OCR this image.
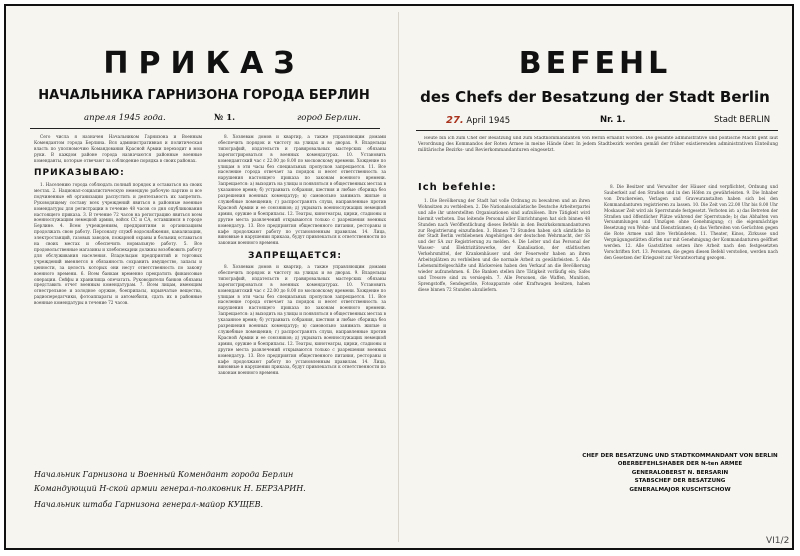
ПРИКАЗ
НАЧАЛЬНИКА ГАРНИЗОНА ГОРОДА БЕРЛИН
апреля 1945 года.	№ 1.	город Берлин.

Сего числа я назначен Начальником Гарнизона и Военным Комендантом города Берлина. Вся административная и политическая власть по уполномочию Командования Красной Армии переходит в мои руки. В каждом районе города назначаются районные военные коменданты, которые отвечают за соблюдение порядка в своих районах.

ПРИКАЗЫВАЮ:

1. Населению города соблюдать полный порядок и оставаться на своих местах. 2. Национал-социалистическую немецкую рабочую партию и все подчиненные ей организации распустить и деятельность их запретить. Руководящему составу всех учреждений явиться в районные военные комендатуры для регистрации в течение 48 часов со дня опубликования настоящего приказа. 3. В течение 72 часов на регистрацию явиться всем военнослужащим немецкой армии, войск СС и СА, оставшимся в городе Берлине. 4. Всем учреждениям, предприятиям и организациям продолжать свою работу. Персоналу служб водоснабжения, канализации, электростанций, газовых заводов, пожарной охраны и больниц оставаться на своих местах и обеспечить нормальную работу. 5. Все продовольственные магазины и хлебопекарни должны возобновить работу для обслуживания населения. Владельцам предприятий и торговых учреждений вменяется в обязанность сохранить имущество, запасы и ценности, за целость которых они несут ответственность по закону военного времени. 6. Всем банкам временно прекратить финансовые операции. Сейфы и хранилища опечатать. Руководители банков обязаны представить отчет военным комендатурам. 7. Всем лицам, имеющим огнестрельное и холодное оружие, боеприпасы, взрывчатые вещества, радиопередатчики, фотоаппараты и автомобили, сдать их в районные военные комендатуры в течение 72 часов.

8. Хозяевам домов и квартир, а также управляющим домами обеспечить порядок и чистоту на улицах и во дворах. 9. Владельцы типографий, издательств и гравировальных мастерских обязаны зарегистрироваться в военных комендатурах. 10. Установить комендантский час с 22.00 до 8.00 по московскому времени. Хождение по улицам в эти часы без специальных пропусков запрещается. 11. Все население города отвечает за порядок и несет ответственность за нарушения настоящего приказа по законам военного времени. Запрещается: а) выходить на улицы и появляться в общественных местах в указанное время; б) устраивать собрания, шествия и любые сборища без разрешения военных комендатур; в) самовольно занимать жилые и служебные помещения; г) распространять слухи, направленные против Красной Армии и ее союзников; д) укрывать военнослужащих немецкой армии, оружие и боеприпасы. 12. Театры, кинотеатры, цирки, стадионы и другие места развлечений открываются только с разрешения военных комендатур. 13. Все предприятия общественного питания, рестораны и кафе продолжают работу по установленным правилам. 14. Лица, виновные в нарушении приказа, будут привлекаться к ответственности по законам военного времени.

ЗАПРЕЩАЕТСЯ:

8. Хозяевам домов и квартир, а также управляющим домами обеспечить порядок и чистоту на улицах и во дворах. 9. Владельцы типографий, издательств и гравировальных мастерских обязаны зарегистрироваться в военных комендатурах. 10. Установить комендантский час с 22.00 до 8.00 по московскому времени. Хождение по улицам в эти часы без специальных пропусков запрещается. 11. Все население города отвечает за порядок и несет ответственность за нарушения настоящего приказа по законам военного времени. Запрещается: а) выходить на улицы и появляться в общественных местах в указанное время; б) устраивать собрания, шествия и любые сборища без разрешения военных комендатур; в) самовольно занимать жилые и служебные помещения; г) распространять слухи, направленные против Красной Армии и ее союзников; д) укрывать военнослужащих немецкой армии, оружие и боеприпасы. 12. Театры, кинотеатры, цирки, стадионы и другие места развлечений открываются только с разрешения военных комендатур. 13. Все предприятия общественного питания, рестораны и кафе продолжают работу по установленным правилам. 14. Лица, виновные в нарушении приказа, будут привлекаться к ответственности по законам военного времени.

Начальник Гарнизона и Военный Комендант города Берлин
Командующий Н-ской армии генерал-полковник Н. БЕРЗАРИН.
Начальник штаба Гарнизона генерал-майор КУЩЕВ.
BEFEHL
des Chefs der Besatzung der Stadt Berlin
27. April 1945	Nr. 1.	Stadt BERLIN

Heute bin ich zum Chef der Besatzung und zum Stadtkommandanten von Berlin ernannt worden. Die gesamte administrative und politische Macht geht laut Verordnung des Kommandos der Roten Armee in meine Hände über. In jedem Stadtbezirk werden gemäß der früher existierenden administrativen Einteilung militärische Bezirks- und Revierkommandanturen eingesetzt.

Ich befehle:

1. Die Bevölkerung der Stadt hat volle Ordnung zu bewahren und an ihren Wohnsitzen zu verbleiben. 2. Die Nationalsozialistische Deutsche Arbeiterpartei und alle ihr unterstellten Organisationen sind aufzulösen. Ihre Tätigkeit wird hiermit verboten. Das leitende Personal aller Einrichtungen hat sich binnen 48 Stunden nach Veröffentlichung dieses Befehls in den Bezirkskommandanturen zur Registrierung einzufinden. 3. Binnen 72 Stunden haben sich sämtliche in der Stadt Berlin verbliebenen Angehörigen der deutschen Wehrmacht, der SS und der SA zur Registrierung zu melden. 4. Die Leiter und das Personal der Wasser- und Elektrizitätswerke, der Kanalisation, der städtischen Verkehrsmittel, der Krankenhäuser und der Feuerwehr haben an ihren Arbeitsplätzen zu verbleiben und die normale Arbeit zu gewährleisten. 5. Alle Lebensmittelgeschäfte und Bäckereien haben den Verkauf an die Bevölkerung wieder aufzunehmen. 6. Die Banken stellen ihre Tätigkeit vorläufig ein; Safes und Tresore sind zu versiegeln. 7. Alle Personen, die Waffen, Munition, Sprengstoffe, Sendegeräte, Fotoapparate oder Kraftwagen besitzen, haben diese binnen 72 Stunden abzuliefern.

8. Die Besitzer und Verwalter der Häuser sind verpflichtet, Ordnung und Sauberkeit auf den Straßen und in den Höfen zu gewährleisten. 9. Die Inhaber von Druckereien, Verlagen und Graveuranstalten haben sich bei den Kommandanturen registrieren zu lassen. 10. Die Zeit von 22.00 Uhr bis 8.00 Uhr Moskauer Zeit wird als Sperrstunde festgesetzt. Verboten ist: a) das Betreten der Straßen und öffentlicher Plätze während der Sperrstunde; b) das Abhalten von Versammlungen und Umzügen ohne Genehmigung; c) die eigenmächtige Besetzung von Wohn- und Diensträumen; d) das Verbreiten von Gerüchten gegen die Rote Armee und ihre Verbündeten. 11. Theater, Kinos, Zirkusse und Vergnügungsstätten dürfen nur mit Genehmigung der Kommandanturen geöffnet werden. 12. Alle Gaststätten setzen ihre Arbeit nach den festgesetzten Vorschriften fort. 13. Personen, die gegen diesen Befehl verstoßen, werden nach den Gesetzen der Kriegszeit zur Verantwortung gezogen.

CHEF DER BESATZUNG UND STADTKOMMANDANT VON BERLIN
OBERBEFEHLSHABER DER N-ten ARMEE
GENERALOBERST N. BERSARIN
STABSCHEF DER BESATZUNG
GENERALMAJOR KUSCHTSCHOW
VI1/2
